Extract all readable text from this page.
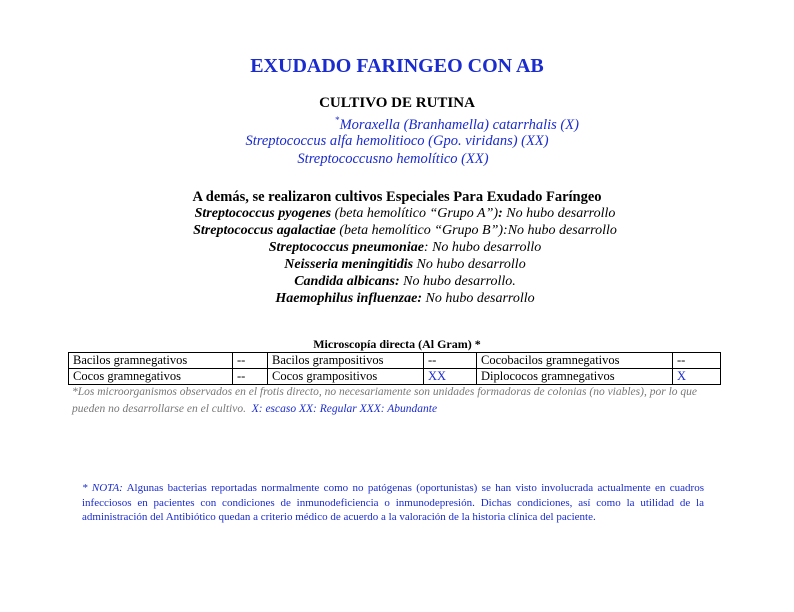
EXUDADO FARINGEO CON AB
CULTIVO DE RUTINA
*Moraxella (Branhamella) catarrhalis (X)
Streptococcus alfa hemolitioco (Gpo. viridans) (XX)
Streptococcusno hemolítico (XX)
A demás, se realizaron cultivos Especiales Para Exudado Faríngeo
Streptococcus pyogenes (beta hemolítico “Grupo A”): No hubo desarrollo
Streptococcus agalactiae (beta hemolítico “Grupo B”):No hubo desarrollo
Streptococcus pneumoniae: No hubo desarrollo
Neisseria meningitidis No hubo desarrollo
Candida albicans: No hubo desarrollo.
Haemophilus influenzae: No hubo desarrollo
Microscopía directa (Al Gram) *
Bacilos gramnegativos	--	Bacilos grampositivos	--	Cocobacilos gramnegativos	--
Cocos gramnegativos	--	Cocos grampositivos	XX	Diplococos gramnegativos	X
*Los microorganismos observados en el frotis directo, no necesariamente son unidades formadoras de colonias (no viables), por lo que pueden no desarrollarse en el cultivo. X: escaso XX: Regular XXX: Abundante
* NOTA: Algunas bacterias reportadas normalmente como no patógenas (oportunistas) se han visto involucrada actualmente en cuadros infecciosos en pacientes con condiciones de inmunodeficiencia o inmunodepresión. Dichas condiciones, así como la utilidad de la administración del Antibiótico quedan a criterio médico de acuerdo a la valoración de la historia clínica del paciente.
